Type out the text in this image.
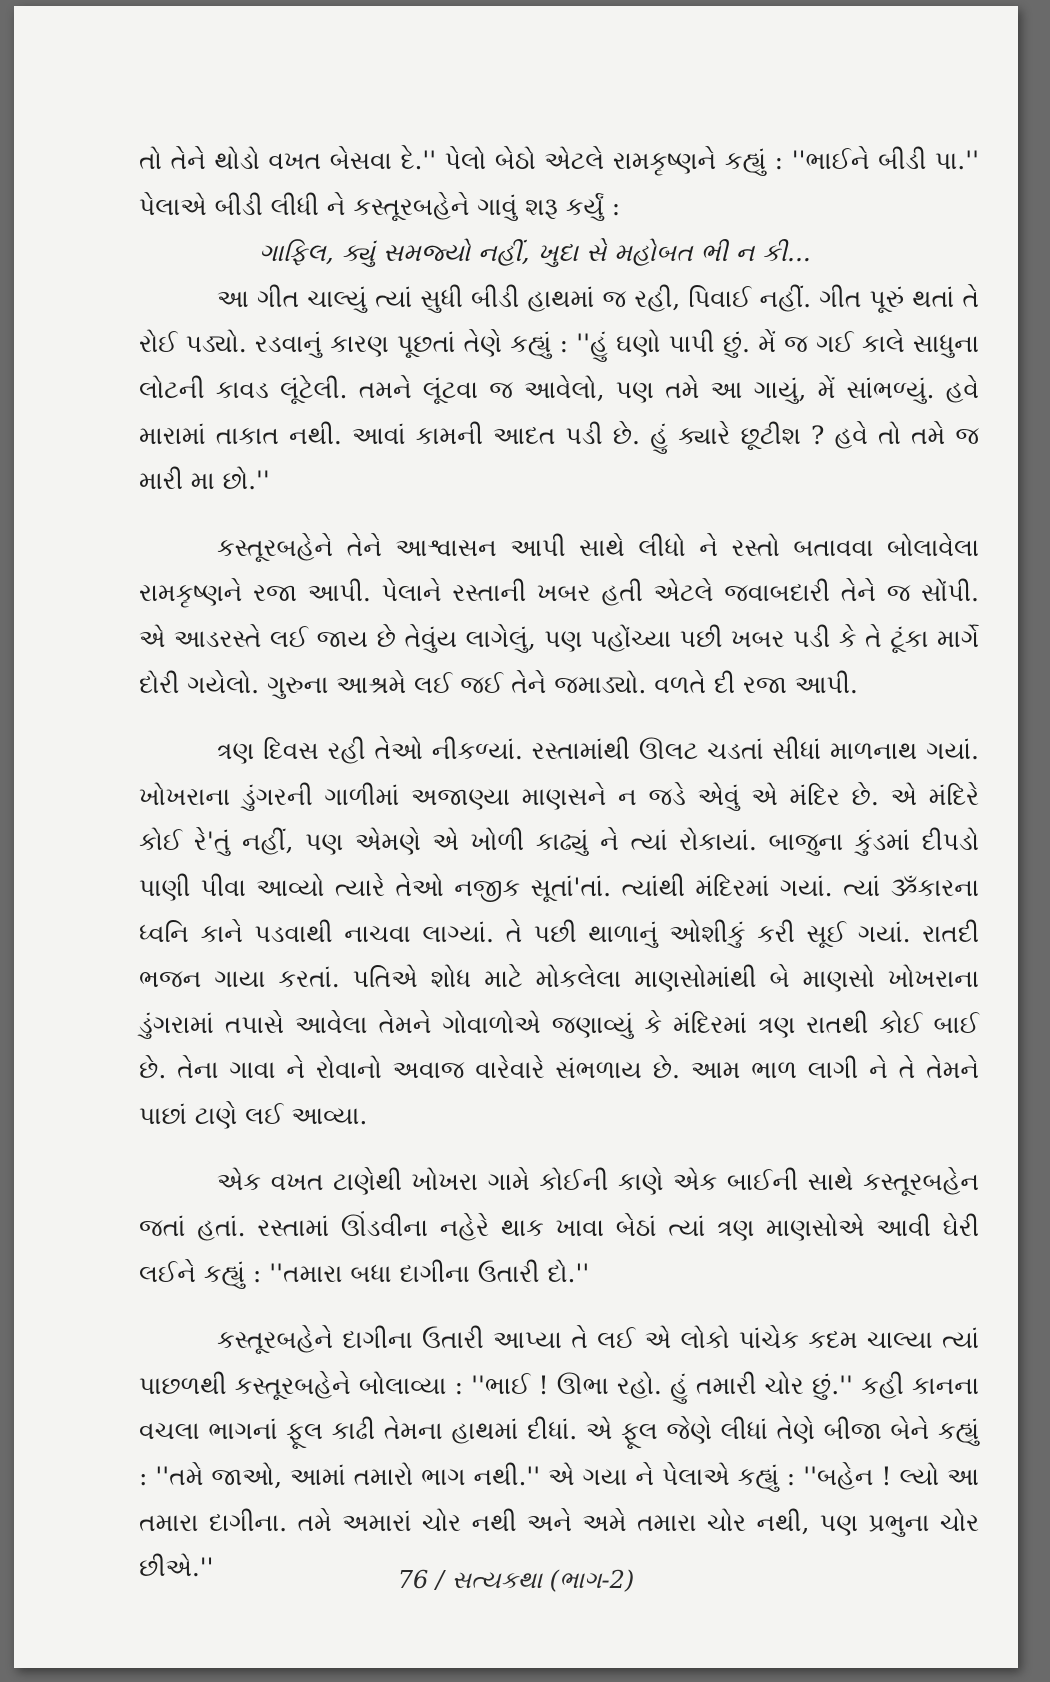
તો તેને થોડો વખત બેસવા દે.'' પેલો બેઠો એટલે રામકૃષ્ણને કહ્યું : ''ભાઈને બીડી પા.'' પેલાએ બીડી લીધી ને કસ્તૂરબહેને ગાવું શરૂ કર્યું :

ગાફિલ, ક્યું સમજ્યો નહીં, ખુદા સે મહોબત ભી ન કી...

આ ગીત ચાલ્યું ત્યાં સુધી બીડી હાથમાં જ રહી, પિવાઈ નહીં. ગીત પૂરું થતાં તે રોઈ પડ્યો. રડવાનું કારણ પૂછતાં તેણે કહ્યું : ''હું ઘણો પાપી છું. મેં જ ગઈ કાલે સાધુના લોટની કાવડ લૂંટેલી. તમને લૂંટવા જ આવેલો, પણ તમે આ ગાયું, મેં સાંભળ્યું. હવે મારામાં તાકાત નથી. આવાં કામની આદત પડી છે. હું ક્યારે છૂટીશ ? હવે તો તમે જ મારી મા છો.''

કસ્તૂરબહેને તેને આશ્વાસન આપી સાથે લીધો ને રસ્તો બતાવવા બોલાવેલા રામકૃષ્ણને રજા આપી. પેલાને રસ્તાની ખબર હતી એટલે જવાબદારી તેને જ સોંપી. એ આડરસ્તે લઈ જાય છે તેવુંય લાગેલું, પણ પહોંચ્યા પછી ખબર પડી કે તે ટૂંકા માર્ગે દોરી ગયેલો. ગુરુના આશ્રમે લઈ જઈ તેને જમાડ્યો. વળતે દી રજા આપી.

ત્રણ દિવસ રહી તેઓ નીકળ્યાં. રસ્તામાંથી ઊલટ ચડતાં સીધાં માળનાથ ગયાં. ખોખરાના ડુંગરની ગાળીમાં અજાણ્યા માણસને ન જડે એવું એ મંદિર છે. એ મંદિરે કોઈ રે'તું નહીં, પણ એમણે એ ખોળી કાઢ્યું ને ત્યાં રોકાયાં. બાજુના કુંડમાં દીપડો પાણી પીવા આવ્યો ત્યારે તેઓ નજીક સૂતાં'તાં. ત્યાંથી મંદિરમાં ગયાં. ત્યાં ૐકારના ધ્વનિ કાને પડવાથી નાચવા લાગ્યાં. તે પછી થાળાનું ઓશીકું કરી સૂઈ ગયાં. રાતદી ભજન ગાયા કરતાં. પતિએ શોધ માટે મોકલેલા માણસોમાંથી બે માણસો ખોખરાના ડુંગરામાં તપાસે આવેલા તેમને ગોવાળોએ જણાવ્યું કે મંદિરમાં ત્રણ રાતથી કોઈ બાઈ છે. તેના ગાવા ને રોવાનો અવાજ વારેવારે સંભળાય છે. આમ ભાળ લાગી ને તે તેમને પાછાં ટાણે લઈ આવ્યા.

એક વખત ટાણેથી ખોખરા ગામે કોઈની કાણે એક બાઈની સાથે કસ્તૂરબહેન જતાં હતાં. રસ્તામાં ઊંડવીના નહેરે થાક ખાવા બેઠાં ત્યાં ત્રણ માણસોએ આવી ઘેરી લઈને કહ્યું : ''તમારા બધા દાગીના ઉતારી દો.''

કસ્તૂરબહેને દાગીના ઉતારી આપ્યા તે લઈ એ લોકો પાંચેક કદમ ચાલ્યા ત્યાં પાછળથી કસ્તૂરબહેને બોલાવ્યા : ''ભાઈ ! ઊભા રહો. હું તમારી ચોર છું.'' કહી કાનના વચલા ભાગનાં ફૂલ કાઢી તેમના હાથમાં દીધાં. એ ફૂલ જેણે લીધાં તેણે બીજા બેને કહ્યું : ''તમે જાઓ, આમાં તમારો ભાગ નથી.'' એ ગયા ને પેલાએ કહ્યું : ''બહેન ! લ્યો આ તમારા દાગીના. તમે અમારાં ચોર નથી અને અમે તમારા ચોર નથી, પણ પ્રભુના ચોર છીએ.''	76 / સત્યકથા (ભાગ-2)
